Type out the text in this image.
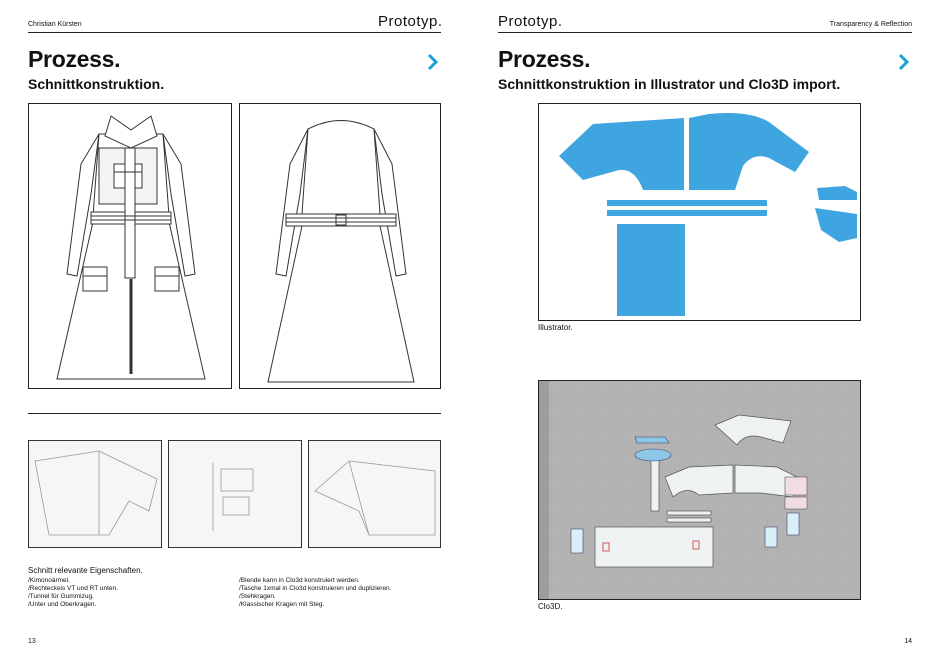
Christian Kürsten	Prototyp.
Prozess.
Schnittkonstruktion.
Schnitt relevante Eigenschaften.
/Kimonoärmel.
/Rechteckeis VT und RT unten.
/Tunnel für Gummizug.
/Unter und Oberkragen.
/Blende kann in Clo3d konstruiert werden.
/Tasche 1xmal in Clo3d konstruieren und duplizieren.
/Stehkragen.
/Klassischer Kragen mit Steg.
13
Prototyp.	Transparency & Reflection
Prozess.
Schnittkonstruktion in Illustrator und Clo3D import.
Illustrator.
Clo3D.
14
